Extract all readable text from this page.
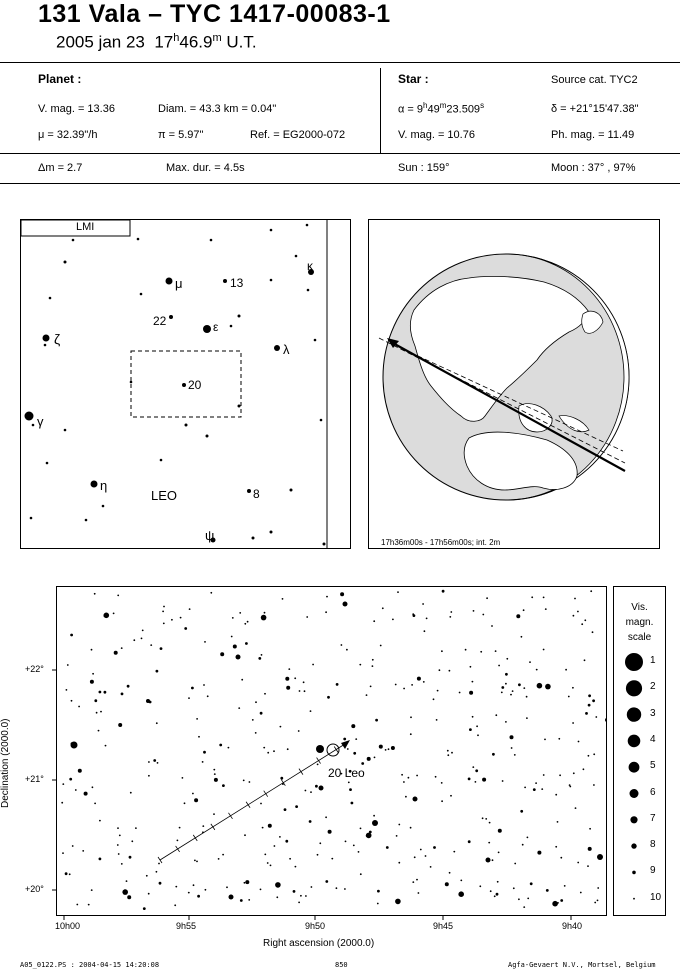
131 Vala – TYC 1417-00083-1
2005 jan 23 17$^h$46.9$^m$ U.T.
Planet :
V. mag. = 13.36	Diam. = 43.3 km = 0.04"
μ = 32.39"/h	π = 5.97"	Ref. = EG2000-072
Star :	Source cat. TYC2
$\alpha = 9^h49^m23.509^s$	δ = +21°15'47.38"
V. mag. = 10.76	Ph. mag. = 11.49
Δm = 2.7	Max. dur. = 4.5s	Sun : 159°	Moon : 37° , 97%
LMI
LEO
μ	13
κ
22	ε
ζ
λ
20
γ
η
8
ψ	17h36m00s - 17h56m00s; int. 2m
20 Leo
Declination (2000.0)
Right ascension (2000.0)
+22°
+21°
+20°
10h00	9h55	9h50	9h45	9h40
Vis.
magn.
scale
1
2
3
4
5
6
7
8
9
10
A05_0122.PS : 2004-04-15 14:20:08	850	Agfa-Gevaert N.V., Mortsel, Belgium
